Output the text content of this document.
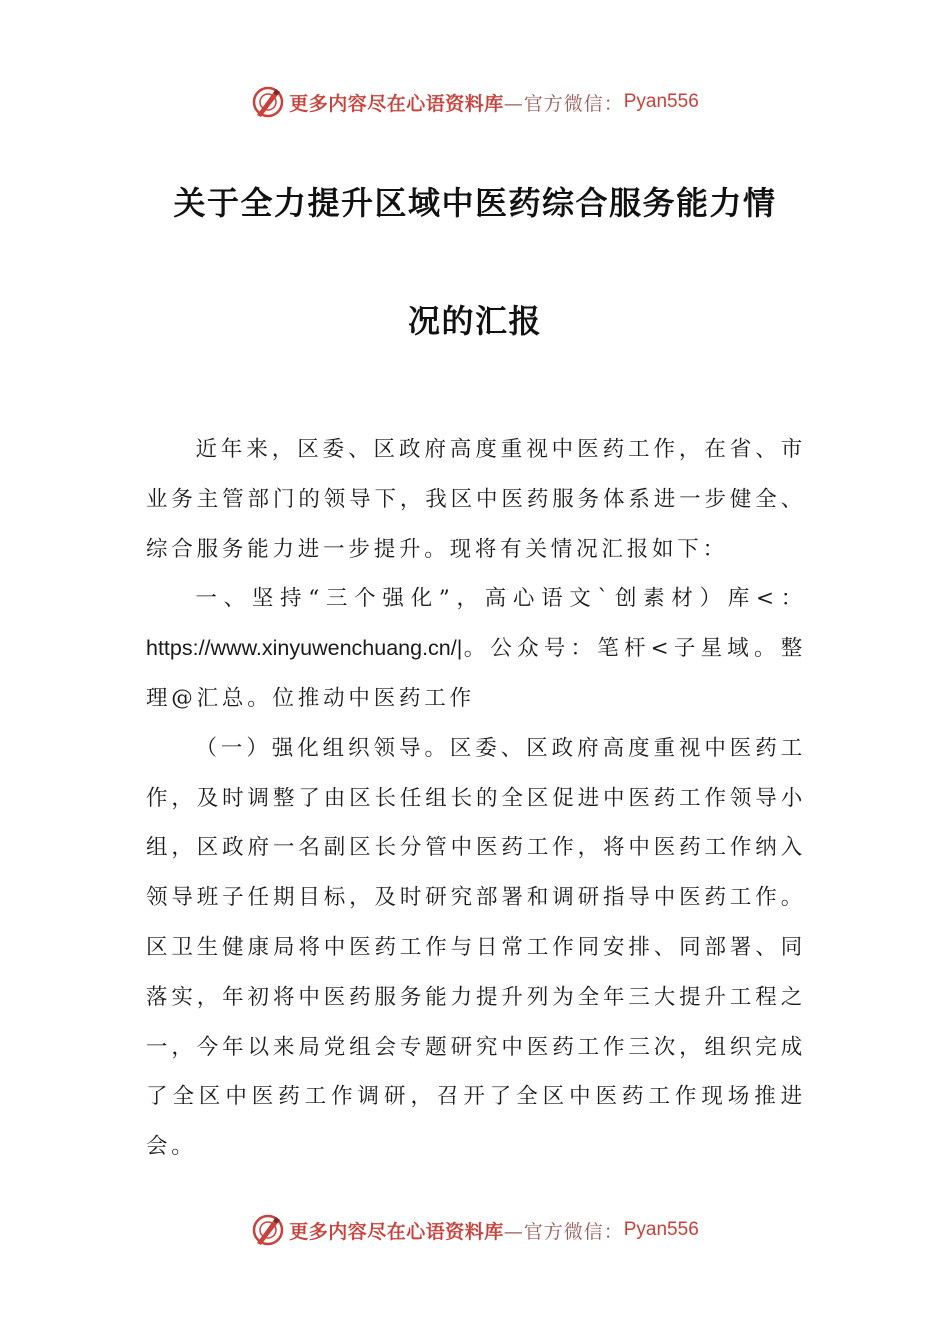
更多内容尽在心语资料库 —官方微信： Pyan556
关于全力提升区域中医药综合服务能力情
况的汇报

近年来，区委、区政府高度重视中医药工作，在省、市业务主管部门的领导下，我区中医药服务体系进一步健全、综合服务能力进一步提升。现将有关情况汇报如下：

一、坚持“三个强化”，高心语文`创素材）库<：https://www.xinyuwenchuang.cn/|。公众号：笔杆<子星域。整理@汇总。位推动中医药工作

（一）强化组织领导。区委、区政府高度重视中医药工作，及时调整了由区长任组长的全区促进中医药工作领导小组，区政府一名副区长分管中医药工作，将中医药工作纳入领导班子任期目标，及时研究部署和调研指导中医药工作。区卫生健康局将中医药工作与日常工作同安排、同部署、同落实，年初将中医药服务能力提升列为全年三大提升工程之一，今年以来局党组会专题研究中医药工作三次，组织完成了全区中医药工作调研，召开了全区中医药工作现场推进会。

更多内容尽在心语资料库 —官方微信： Pyan556
